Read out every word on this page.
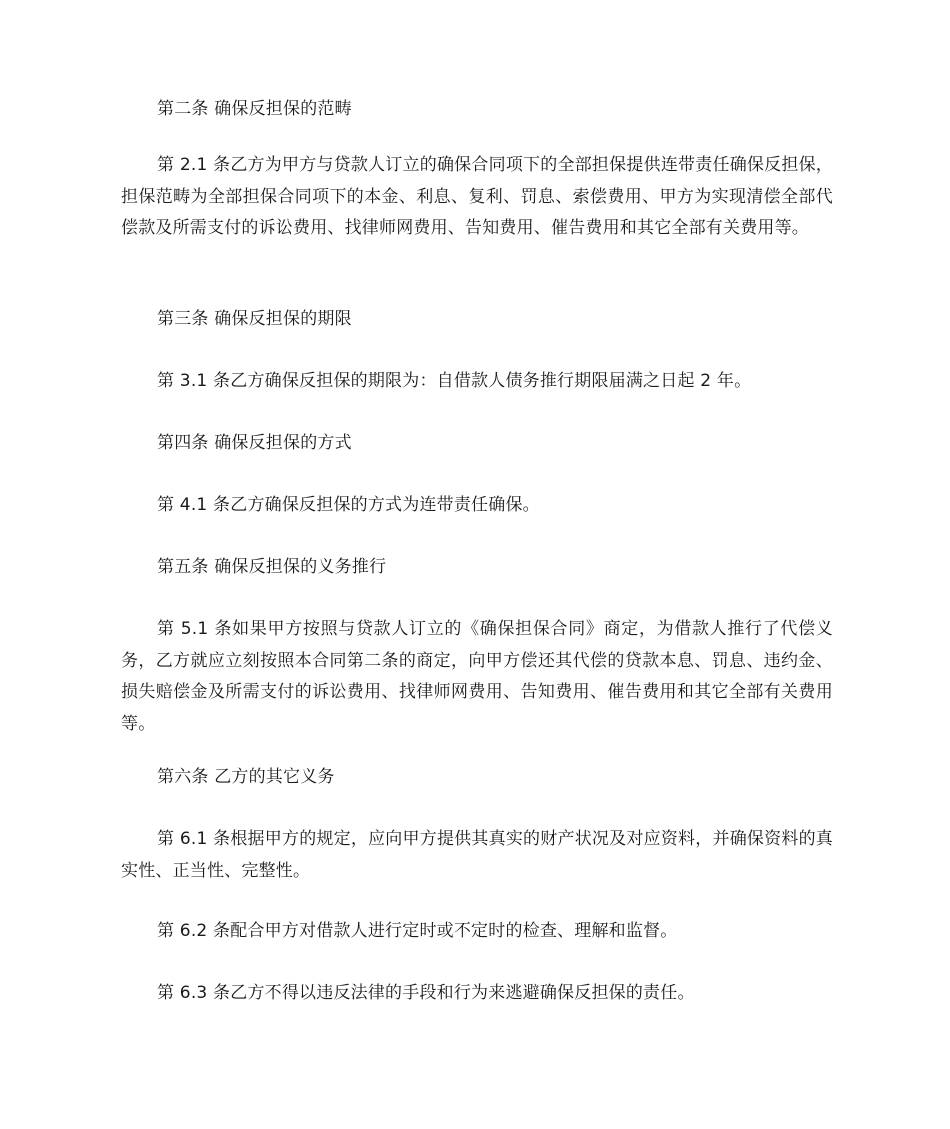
第二条 确保反担保的范畴

第 2.1 条乙方为甲方与贷款人订立的确保合同项下的全部担保提供连带责任确保反担保，担保范畴为全部担保合同项下的本金、利息、复利、罚息、索偿费用、甲方为实现清偿全部代偿款及所需支付的诉讼费用、找律师网费用、告知费用、催告费用和其它全部有关费用等。

第三条 确保反担保的期限

第 3.1 条乙方确保反担保的期限为：自借款人债务推行期限届满之日起 2 年。

第四条 确保反担保的方式

第 4.1 条乙方确保反担保的方式为连带责任确保。

第五条 确保反担保的义务推行

第 5.1 条如果甲方按照与贷款人订立的《确保担保合同》商定，为借款人推行了代偿义务，乙方就应立刻按照本合同第二条的商定，向甲方偿还其代偿的贷款本息、罚息、违约金、损失赔偿金及所需支付的诉讼费用、找律师网费用、告知费用、催告费用和其它全部有关费用等。

第六条 乙方的其它义务

第 6.1 条根据甲方的规定，应向甲方提供其真实的财产状况及对应资料，并确保资料的真实性、正当性、完整性。

第 6.2 条配合甲方对借款人进行定时或不定时的检查、理解和监督。

第 6.3 条乙方不得以违反法律的手段和行为来逃避确保反担保的责任。
